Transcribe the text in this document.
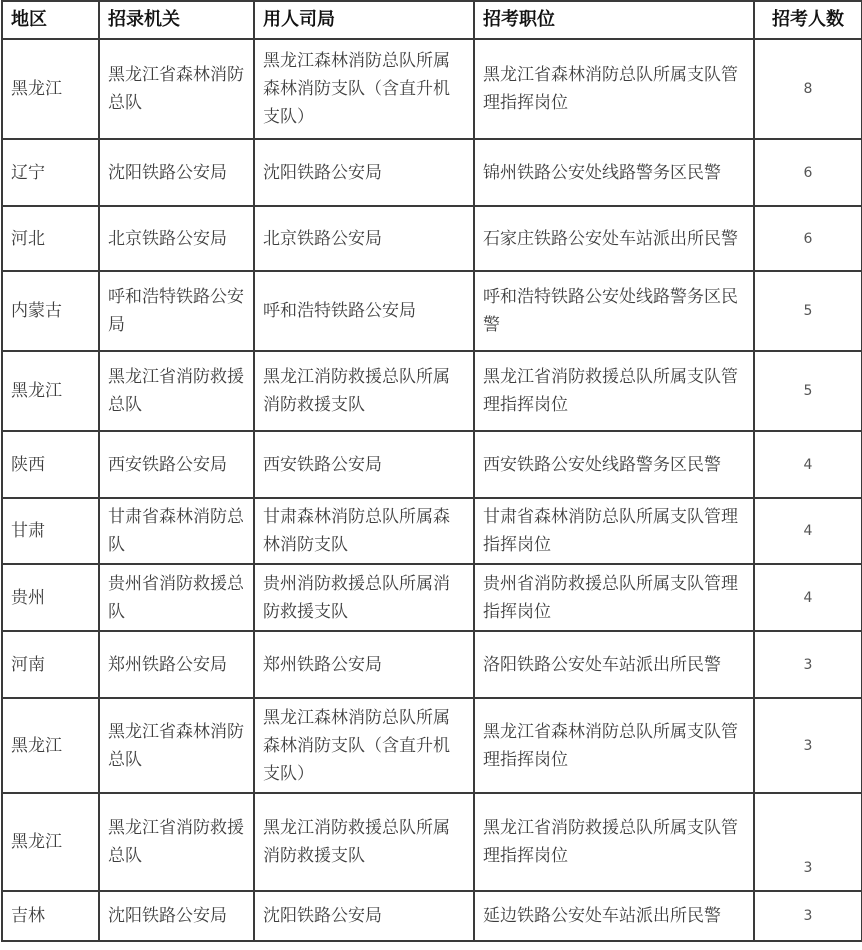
地区	招录机关	用人司局	招考职位	招考人数
黑龙江	黑龙江省森林消防总队	黑龙江森林消防总队所属森林消防支队（含直升机支队）	黑龙江省森林消防总队所属支队管理指挥岗位	8
辽宁	沈阳铁路公安局	沈阳铁路公安局	锦州铁路公安处线路警务区民警	6
河北	北京铁路公安局	北京铁路公安局	石家庄铁路公安处车站派出所民警	6
内蒙古	呼和浩特铁路公安局	呼和浩特铁路公安局	呼和浩特铁路公安处线路警务区民警	5
黑龙江	黑龙江省消防救援总队	黑龙江消防救援总队所属消防救援支队	黑龙江省消防救援总队所属支队管理指挥岗位	5
陕西	西安铁路公安局	西安铁路公安局	西安铁路公安处线路警务区民警	4
甘肃	甘肃省森林消防总队	甘肃森林消防总队所属森林消防支队	甘肃省森林消防总队所属支队管理指挥岗位	4
贵州	贵州省消防救援总队	贵州消防救援总队所属消防救援支队	贵州省消防救援总队所属支队管理指挥岗位	4
河南	郑州铁路公安局	郑州铁路公安局	洛阳铁路公安处车站派出所民警	3
黑龙江	黑龙江省森林消防总队	黑龙江森林消防总队所属森林消防支队（含直升机支队）	黑龙江省森林消防总队所属支队管理指挥岗位	3
黑龙江	黑龙江省消防救援总队	黑龙江消防救援总队所属消防救援支队	黑龙江省消防救援总队所属支队管理指挥岗位	3
吉林	沈阳铁路公安局	沈阳铁路公安局	延边铁路公安处车站派出所民警	3
